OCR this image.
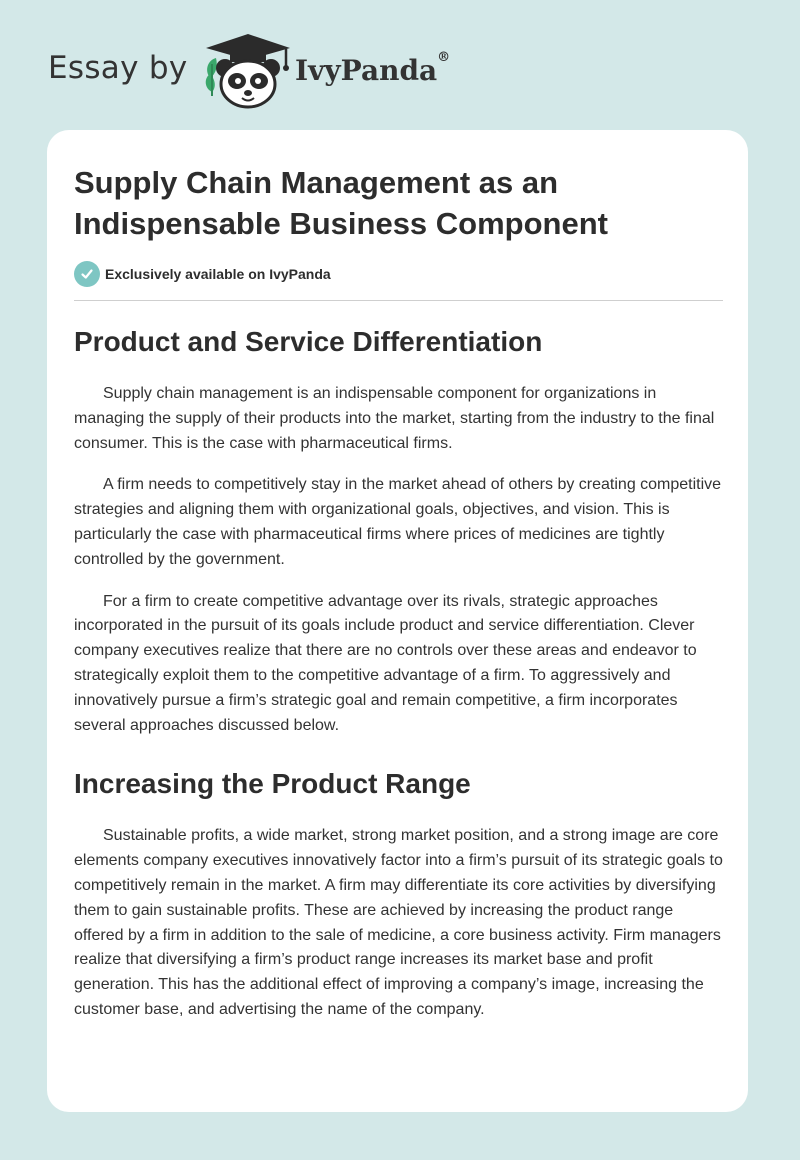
Essay by	IvyPanda®
Supply Chain Management as an Indispensable Business Component
Exclusively available on IvyPanda
Product and Service Differentiation

Supply chain management is an indispensable component for organizations in managing the supply of their products into the market, starting from the industry to the final consumer. This is the case with pharmaceutical firms.

A firm needs to competitively stay in the market ahead of others by creating competitive strategies and aligning them with organizational goals, objectives, and vision. This is particularly the case with pharmaceutical firms where prices of medicines are tightly controlled by the government.

For a firm to create competitive advantage over its rivals, strategic approaches incorporated in the pursuit of its goals include product and service differentiation. Clever company executives realize that there are no controls over these areas and endeavor to strategically exploit them to the competitive advantage of a firm. To aggressively and innovatively pursue a firm’s strategic goal and remain competitive, a firm incorporates several approaches discussed below.

Increasing the Product Range

Sustainable profits, a wide market, strong market position, and a strong image are core elements company executives innovatively factor into a firm’s pursuit of its strategic goals to competitively remain in the market. A firm may differentiate its core activities by diversifying them to gain sustainable profits. These are achieved by increasing the product range offered by a firm in addition to the sale of medicine, a core business activity. Firm managers realize that diversifying a firm’s product range increases its market base and profit generation. This has the additional effect of improving a company’s image, increasing the customer base, and advertising the name of the company.
